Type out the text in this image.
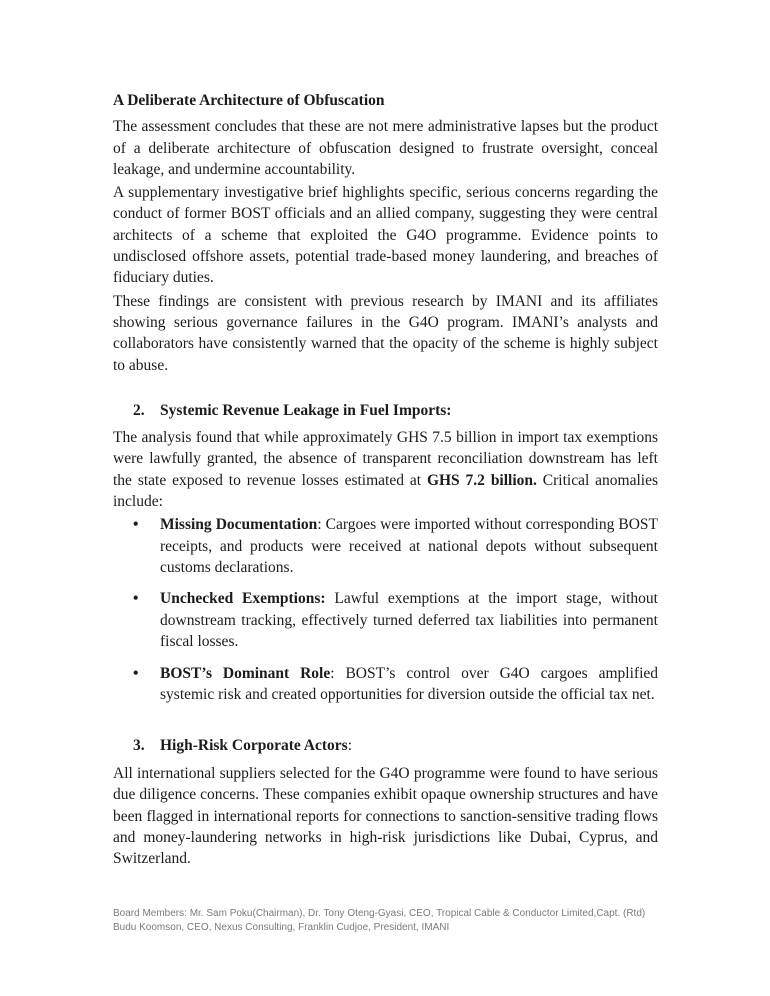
A Deliberate Architecture of Obfuscation

The assessment concludes that these are not mere administrative lapses but the product of a deliberate architecture of obfuscation designed to frustrate oversight, conceal leakage, and undermine accountability.

A supplementary investigative brief highlights specific, serious concerns regarding the conduct of former BOST officials and an allied company, suggesting they were central architects of a scheme that exploited the G4O programme. Evidence points to undisclosed offshore assets, potential trade-based money laundering, and breaches of fiduciary duties.

These findings are consistent with previous research by IMANI and its affiliates showing serious governance failures in the G4O program. IMANI’s analysts and collaborators have consistently warned that the opacity of the scheme is highly subject to abuse.

2. Systemic Revenue Leakage in Fuel Imports:

The analysis found that while approximately GHS 7.5 billion in import tax exemptions were lawfully granted, the absence of transparent reconciliation downstream has left the state exposed to revenue losses estimated at GHS 7.2 billion. Critical anomalies include:

•	Missing Documentation: Cargoes were imported without corresponding BOST receipts, and products were received at national depots without subsequent customs declarations.
•	Unchecked Exemptions: Lawful exemptions at the import stage, without downstream tracking, effectively turned deferred tax liabilities into permanent fiscal losses.
•	BOST’s Dominant Role: BOST’s control over G4O cargoes amplified systemic risk and created opportunities for diversion outside the official tax net.
3. High-Risk Corporate Actors:

All international suppliers selected for the G4O programme were found to have serious due diligence concerns. These companies exhibit opaque ownership structures and have been flagged in international reports for connections to sanction-sensitive trading flows and money-laundering networks in high-risk jurisdictions like Dubai, Cyprus, and Switzerland.

Board Members: Mr. Sam Poku(Chairman), Dr. Tony Oteng-Gyasi, CEO, Tropical Cable & Conductor Limited,Capt. (Rtd) Budu Koomson, CEO, Nexus Consulting, Franklin Cudjoe, President, IMANI
